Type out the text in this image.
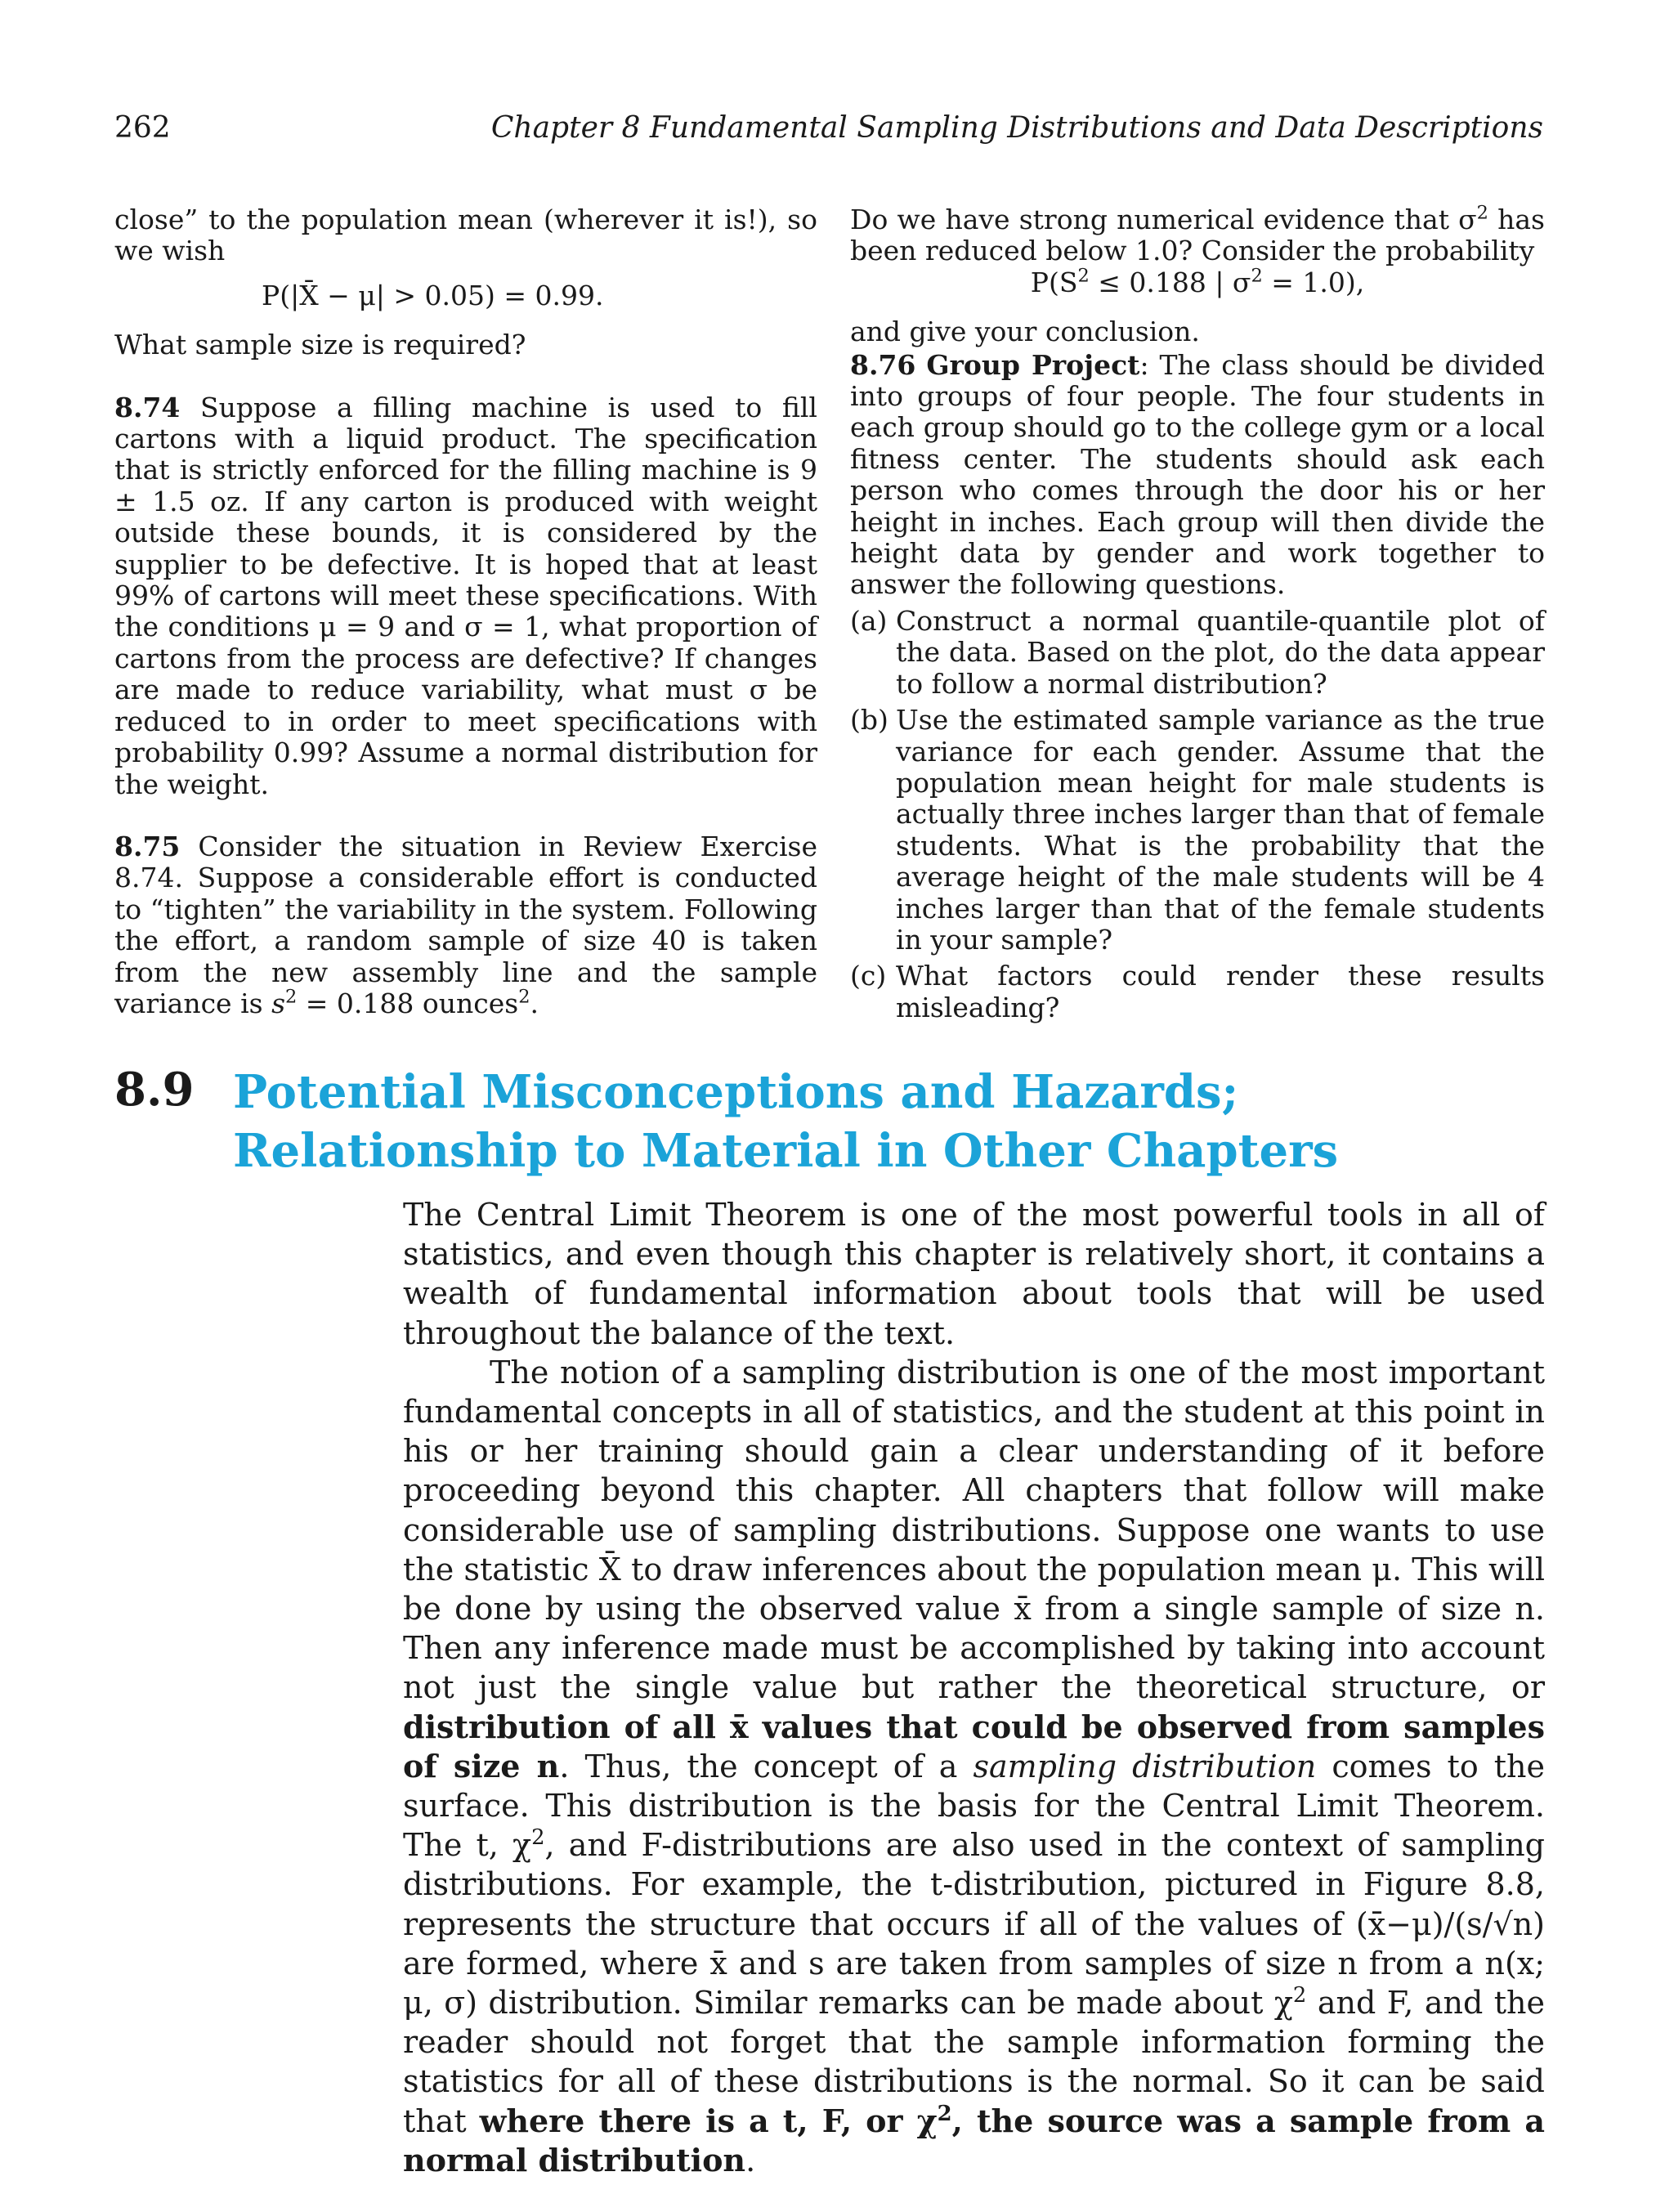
262	Chapter 8 Fundamental Sampling Distributions and Data Descriptions

close” to the population mean (wherever it is!), so we wish

P(|X̄ − μ| > 0.05) = 0.99.

What sample size is required?

8.74 Suppose a filling machine is used to fill cartons with a liquid product. The specification that is strictly enforced for the filling machine is 9 ± 1.5 oz. If any carton is produced with weight outside these bounds, it is considered by the supplier to be defective. It is hoped that at least 99% of cartons will meet these specifications. With the conditions μ = 9 and σ = 1, what proportion of cartons from the process are defective? If changes are made to reduce variability, what must σ be reduced to in order to meet specifications with probability 0.99? Assume a normal distribution for the weight.

8.75 Consider the situation in Review Exercise 8.74. Suppose a considerable effort is conducted to “tighten” the variability in the system. Following the effort, a random sample of size 40 is taken from the new assembly line and the sample variance is $s^2 = 0.188$ ounces$^2$.

Do we have strong numerical evidence that $\sigma^2$ has been reduced below 1.0? Consider the probability

$P(S^2 \le 0.188$ | $\sigma^2 = 1.0$),

and give your conclusion.

8.76 Group Project: The class should be divided into groups of four people. The four students in each group should go to the college gym or a local fitness center. The students should ask each person who comes through the door his or her height in inches. Each group will then divide the height data by gender and work together to answer the following questions.

(a) Construct a normal quantile-quantile plot of the data. Based on the plot, do the data appear to follow a normal distribution?

(b) Use the estimated sample variance as the true variance for each gender. Assume that the population mean height for male students is actually three inches larger than that of female students. What is the probability that the average height of the male students will be 4 inches larger than that of the female students in your sample?

(c) What factors could render these results misleading?

8.9 Potential Misconceptions and Hazards;
Relationship to Material in Other Chapters

The Central Limit Theorem is one of the most powerful tools in all of statistics, and even though this chapter is relatively short, it contains a wealth of fundamental information about tools that will be used throughout the balance of the text.

The notion of a sampling distribution is one of the most important fundamental concepts in all of statistics, and the student at this point in his or her training should gain a clear understanding of it before proceeding beyond this chapter. All chapters that follow will make considerable use of sampling distributions. Suppose one wants to use the statistic X̄ to draw inferences about the population mean μ. This will be done by using the observed value x̄ from a single sample of size n. Then any inference made must be accomplished by taking into account not just the single value but rather the theoretical structure, or distribution of all x̄ values that could be observed from samples of size n. Thus, the concept of a sampling distribution comes to the surface. This distribution is the basis for the Central Limit Theorem. The t, $\chi^2$, and F-distributions are also used in the context of sampling distributions. For example, the t-distribution, pictured in Figure 8.8, represents the structure that occurs if all of the values of (x̄−μ)/(s/√n) are formed, where x̄ and s are taken from samples of size n from a n(x; μ, σ) distribution. Similar remarks can be made about $\chi^2$ and F, and the reader should not forget that the sample information forming the statistics for all of these distributions is the normal. So it can be said that where there is a t, F, or $\chi^2$, the source was a sample from a normal distribution.
